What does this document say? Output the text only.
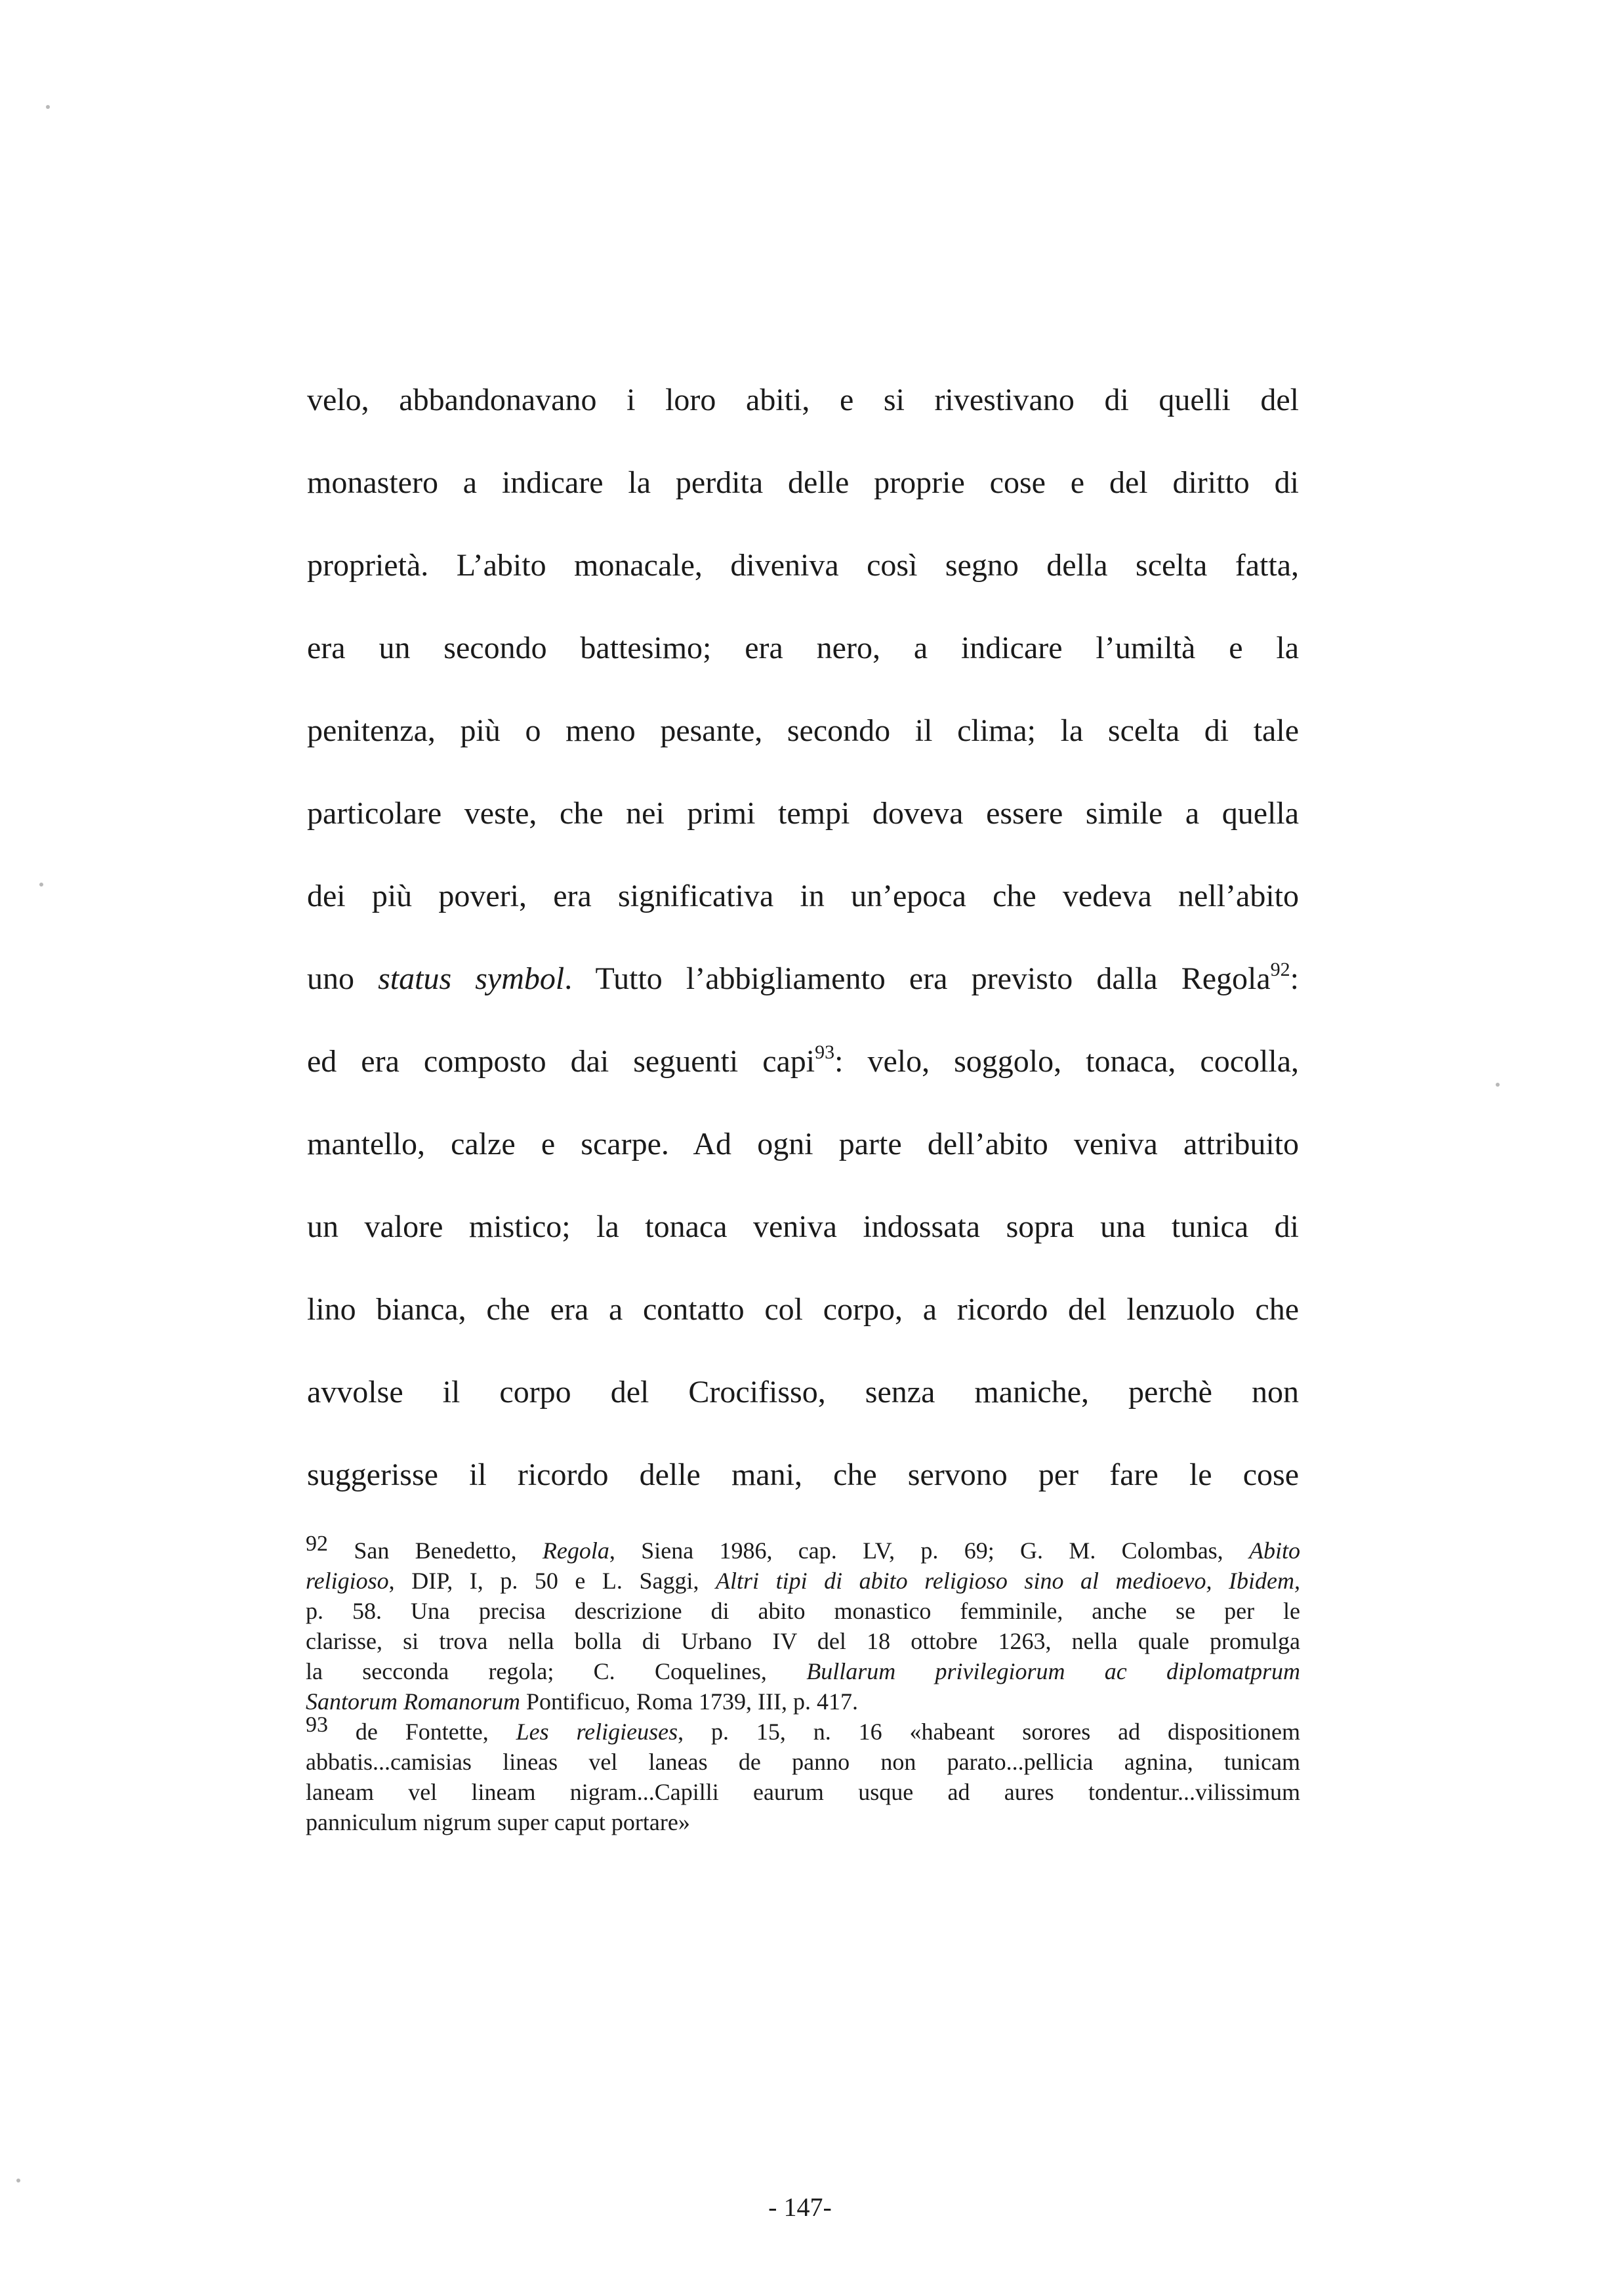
velo, abbandonavano i loro abiti, e si rivestivano di quelli del
monastero a indicare la perdita delle proprie cose e del diritto di
proprietà. L’abito monacale, diveniva così segno della scelta fatta,
era un secondo battesimo; era nero, a indicare l’umiltà e la
penitenza, più o meno pesante, secondo il clima; la scelta di tale
particolare veste, che nei primi tempi doveva essere simile a quella
dei più poveri, era significativa in un’epoca che vedeva nell’abito
uno status symbol. Tutto l’abbigliamento era previsto dalla Regola$^{92}$:
ed era composto dai seguenti capi$^{93}$: velo, soggolo, tonaca, cocolla,
mantello, calze e scarpe. Ad ogni parte dell’abito veniva attribuito
un valore mistico; la tonaca veniva indossata sopra una tunica di
lino bianca, che era a contatto col corpo, a ricordo del lenzuolo che
avvolse il corpo del Crocifisso, senza maniche, perchè non
suggerisse il ricordo delle mani, che servono per fare le cose
92 San Benedetto, Regola, Siena 1986, cap. LV, p. 69; G. M. Colombas, Abito
religioso, DIP, I, p. 50 e L. Saggi, Altri tipi di abito religioso sino al medioevo, Ibidem,
p. 58. Una precisa descrizione di abito monastico femminile, anche se per le
clarisse, si trova nella bolla di Urbano IV del 18 ottobre 1263, nella quale promulga
la secconda regola; C. Coquelines, Bullarum privilegiorum ac diplomatprum
Santorum Romanorum Pontificuo, Roma 1739, III, p. 417.
93 de Fontette, Les religieuses, p. 15, n. 16 «habeant sorores ad dispositionem
abbatis...camisias lineas vel laneas de panno non parato...pellicia agnina, tunicam
laneam vel lineam nigram...Capilli eaurum usque ad aures tondentur...vilissimum
panniculum nigrum super caput portare»
- 147-
